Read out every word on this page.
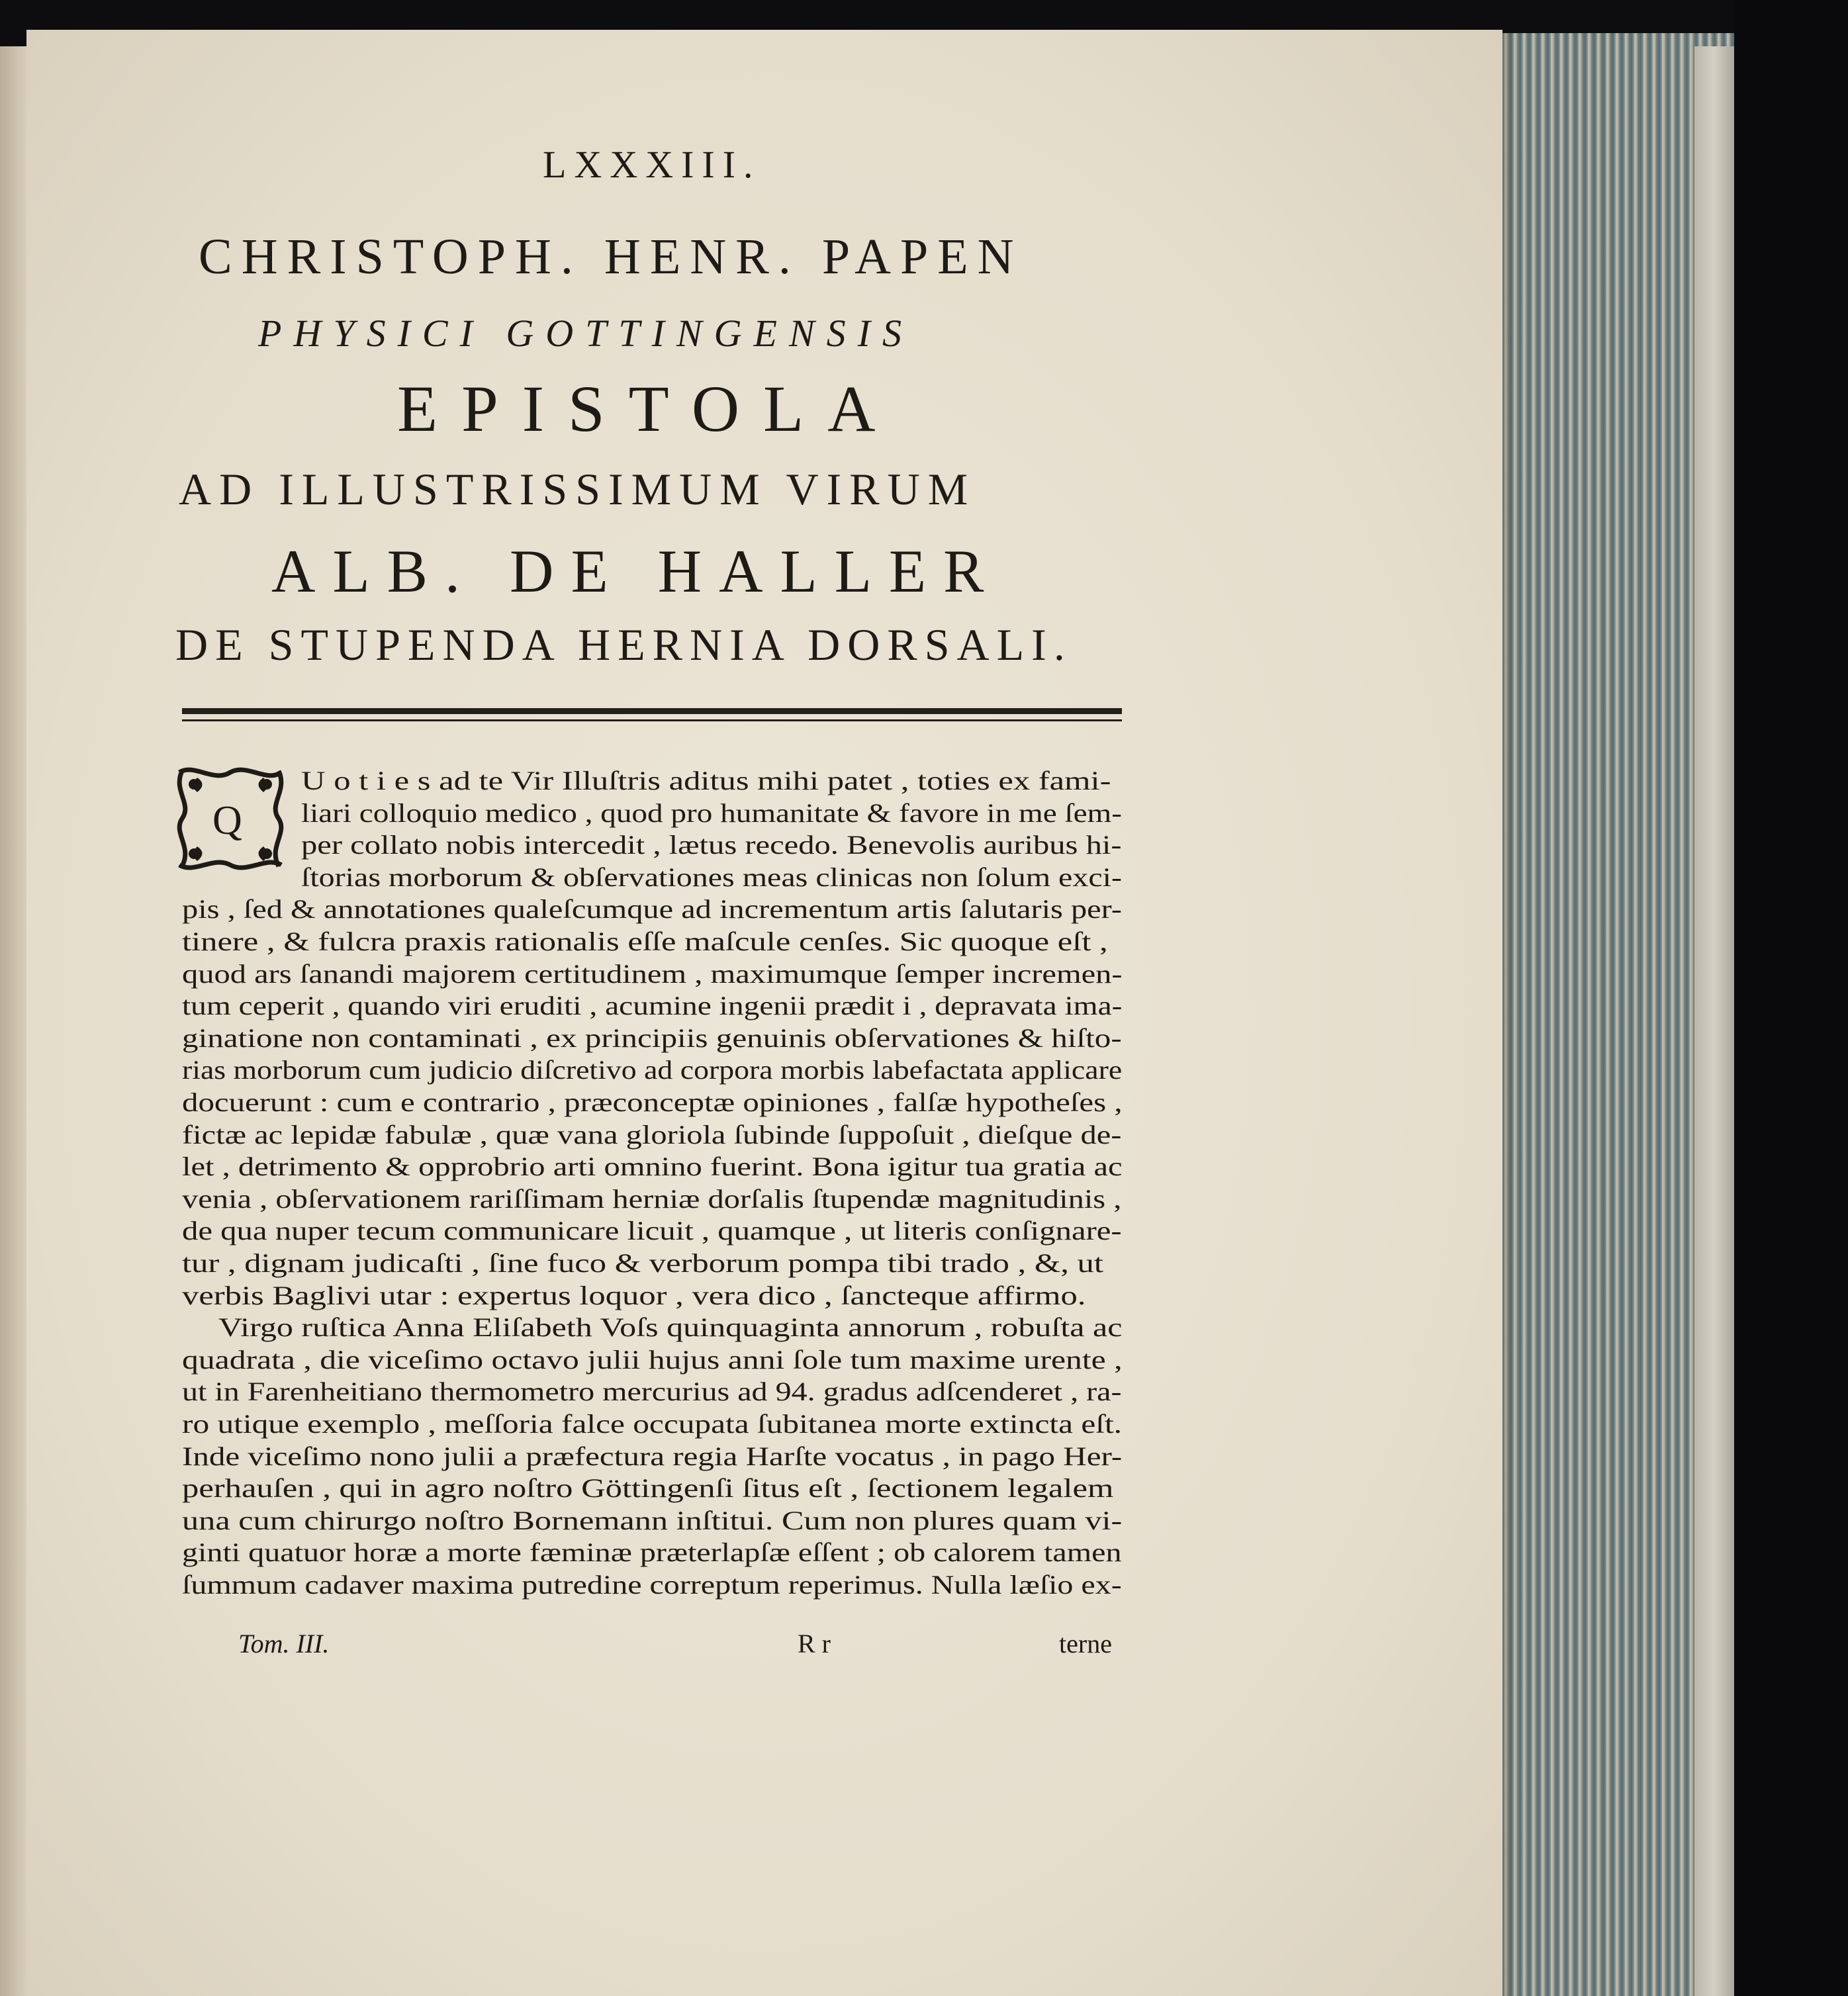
LXXXIII.
CHRISTOPH. HENR. PAPEN
PHYSICI GOTTINGENSIS
EPISTOLA
AD ILLUSTRISSIMUM VIRUM
ALB. DE HALLER
DE STUPENDA HERNIA DORSALI.
Q
U o t i e s ad te Vir Illuſtris aditus mihi patet , toties ex fami-
liari colloquio medico , quod pro humanitate & favore in me ſem-
per collato nobis intercedit , lætus recedo. Benevolis auribus hi-
ſtorias morborum & obſervationes meas clinicas non ſolum exci-
pis , ſed & annotationes qualeſcumque ad incrementum artis ſalutaris per-
tinere , & fulcra praxis rationalis eſſe maſcule cenſes. Sic quoque eſt ,
quod ars ſanandi majorem certitudinem , maximumque ſemper incremen-
tum ceperit , quando viri eruditi , acumine ingenii prædit i , depravata ima-
ginatione non contaminati , ex principiis genuinis obſervationes & hiſto-
rias morborum cum judicio diſcretivo ad corpora morbis labefactata applicare
docuerunt : cum e contrario , præconceptæ opiniones , falſæ hypotheſes ,
fictæ ac lepidæ fabulæ , quæ vana gloriola ſubinde ſuppoſuit , dieſque de-
let , detrimento & opprobrio arti omnino fuerint. Bona igitur tua gratia ac
venia , obſervationem rariſſimam herniæ dorſalis ſtupendæ magnitudinis ,
de qua nuper tecum communicare licuit , quamque , ut literis conſignare-
tur , dignam judicaſti , ſine fuco & verborum pompa tibi trado , &, ut
verbis Baglivi utar : expertus loquor , vera dico , ſancteque affirmo.
Virgo ruſtica Anna Eliſabeth Voſs quinquaginta annorum , robuſta ac
quadrata , die viceſimo octavo julii hujus anni ſole tum maxime urente ,
ut in Farenheitiano thermometro mercurius ad 94. gradus adſcenderet , ra-
ro utique exemplo , meſſoria falce occupata ſubitanea morte extincta eſt.
Inde viceſimo nono julii a præfectura regia Harſte vocatus , in pago Her-
perhauſen , qui in agro noſtro Göttingenſi ſitus eſt , ſectionem legalem
una cum chirurgo noſtro Bornemann inſtitui. Cum non plures quam vi-
ginti quatuor horæ a morte fæminæ præterlapſæ eſſent ; ob calorem tamen
ſummum cadaver maxima putredine correptum reperimus. Nulla læſio ex-
Tom. III.	R r	terne
